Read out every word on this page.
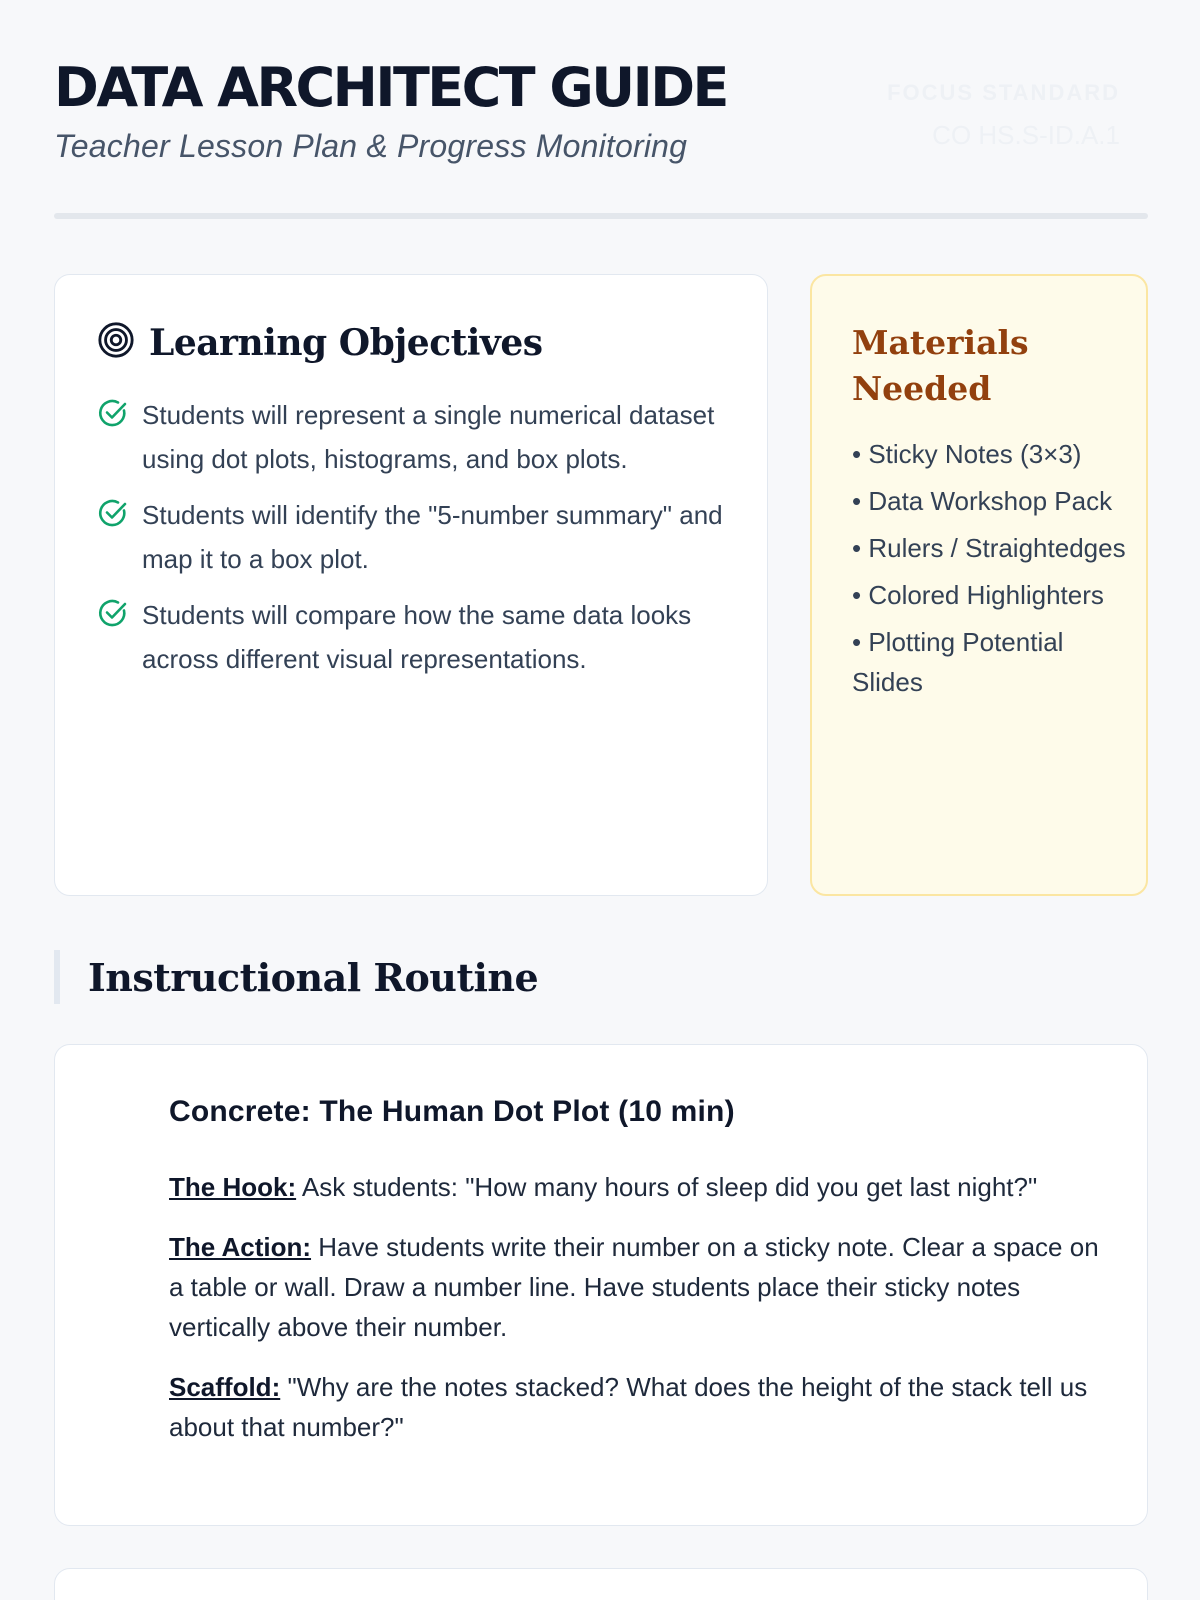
DATA ARCHITECT GUIDE
Teacher Lesson Plan & Progress Monitoring
FOCUS STANDARD
CO HS.S-ID.A.1
Learning Objectives
Students will represent a single numerical dataset using dot plots, histograms, and box plots.
Students will identify the "5-number summary" and map it to a box plot.
Students will compare how the same data looks across different visual representations.
Materials Needed
• Sticky Notes (3×3)
• Data Workshop Pack
• Rulers / Straightedges
• Colored Highlighters
• Plotting Potential Slides
Instructional Routine
Concrete: The Human Dot Plot (10 min)

The Hook: Ask students: "How many hours of sleep did you get last night?"

The Action: Have students write their number on a sticky note. Clear a space on a table or wall. Draw a number line. Have students place their sticky notes vertically above their number.

Scaffold: "Why are the notes stacked? What does the height of the stack tell us about that number?"
